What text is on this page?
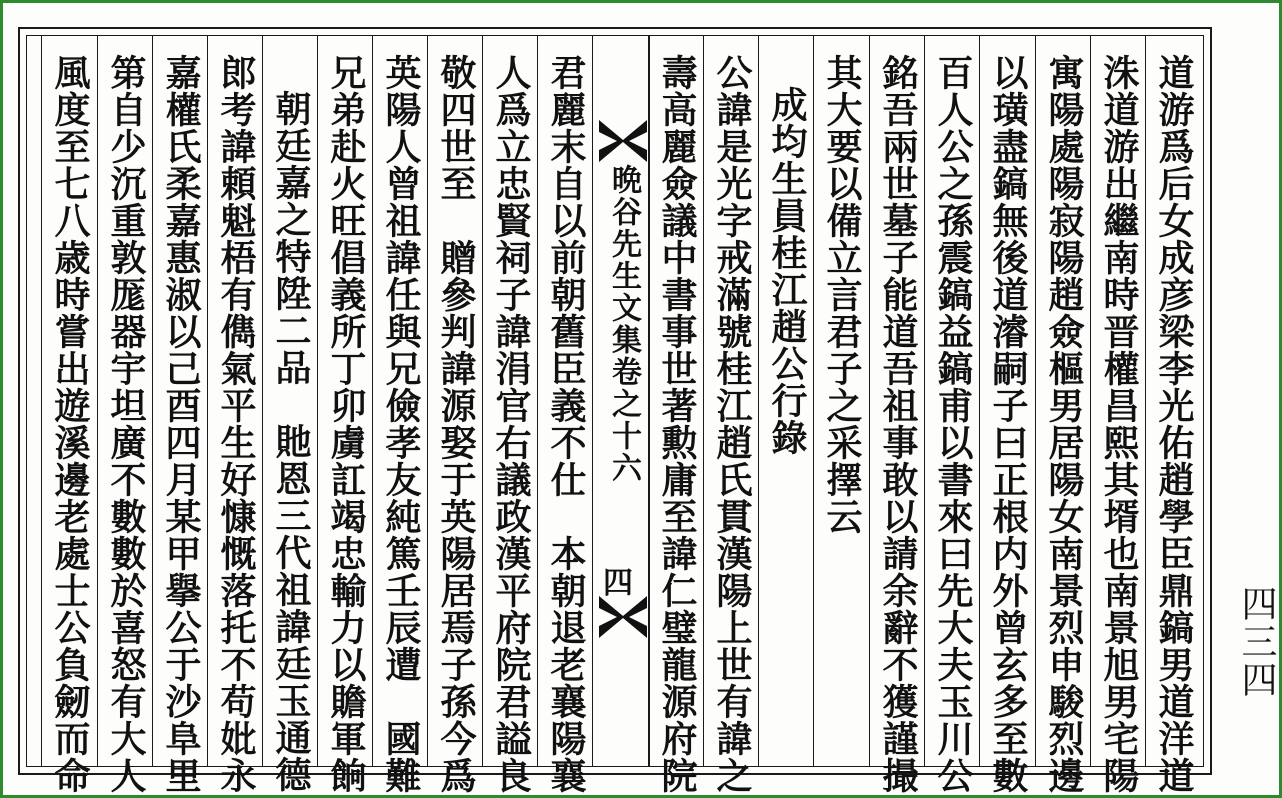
道游爲后女成彦梁李光佑趙學臣鼎鎬男道洋道
洙道游出繼南時晋權昌熙其壻也南景旭男宅陽
寓陽處陽寂陽趙僉樞男居陽女南景烈申駿烈邊
以璜盡鎬無後道濬嗣子曰正根内外曾玄多至數
百人公之孫震鎬益鎬甫以書來曰先大夫玉川公
銘吾兩世墓子能道吾祖事敢以請余辭不獲謹撮
其大要以備立言君子之采擇云
成均生員桂江趙公行錄
公諱是光字戒滿號桂江趙氏貫漢陽上世有諱之
壽高麗僉議中書事世著勲庸至諱仁璧龍源府院
晩谷先生文集卷之十六
四
君麗末自以前朝舊臣義不仕　本朝退老襄陽襄
人爲立忠賢祠子諱涓官右議政漢平府院君謚良
敬四世至　贈參判諱源娶于英陽居焉子孫今爲
英陽人曾祖諱任與兄儉孝友純篤壬辰遭　國難
兄弟赴火旺倡義所丁卯虜訌竭忠輸力以贍軍餉
朝廷嘉之特陞二品　貤恩三代祖諱廷玉通德
郎考諱頼魁梧有儁氣平生好慷慨落托不苟妣永
嘉權氏柔嘉惠淑以己酉四月某甲擧公于沙阜里
第自少沉重敦厖器宇坦廣不數數於喜怒有大人
風度至七八歳時嘗出遊溪邊老處士公負劒而命	四三四
